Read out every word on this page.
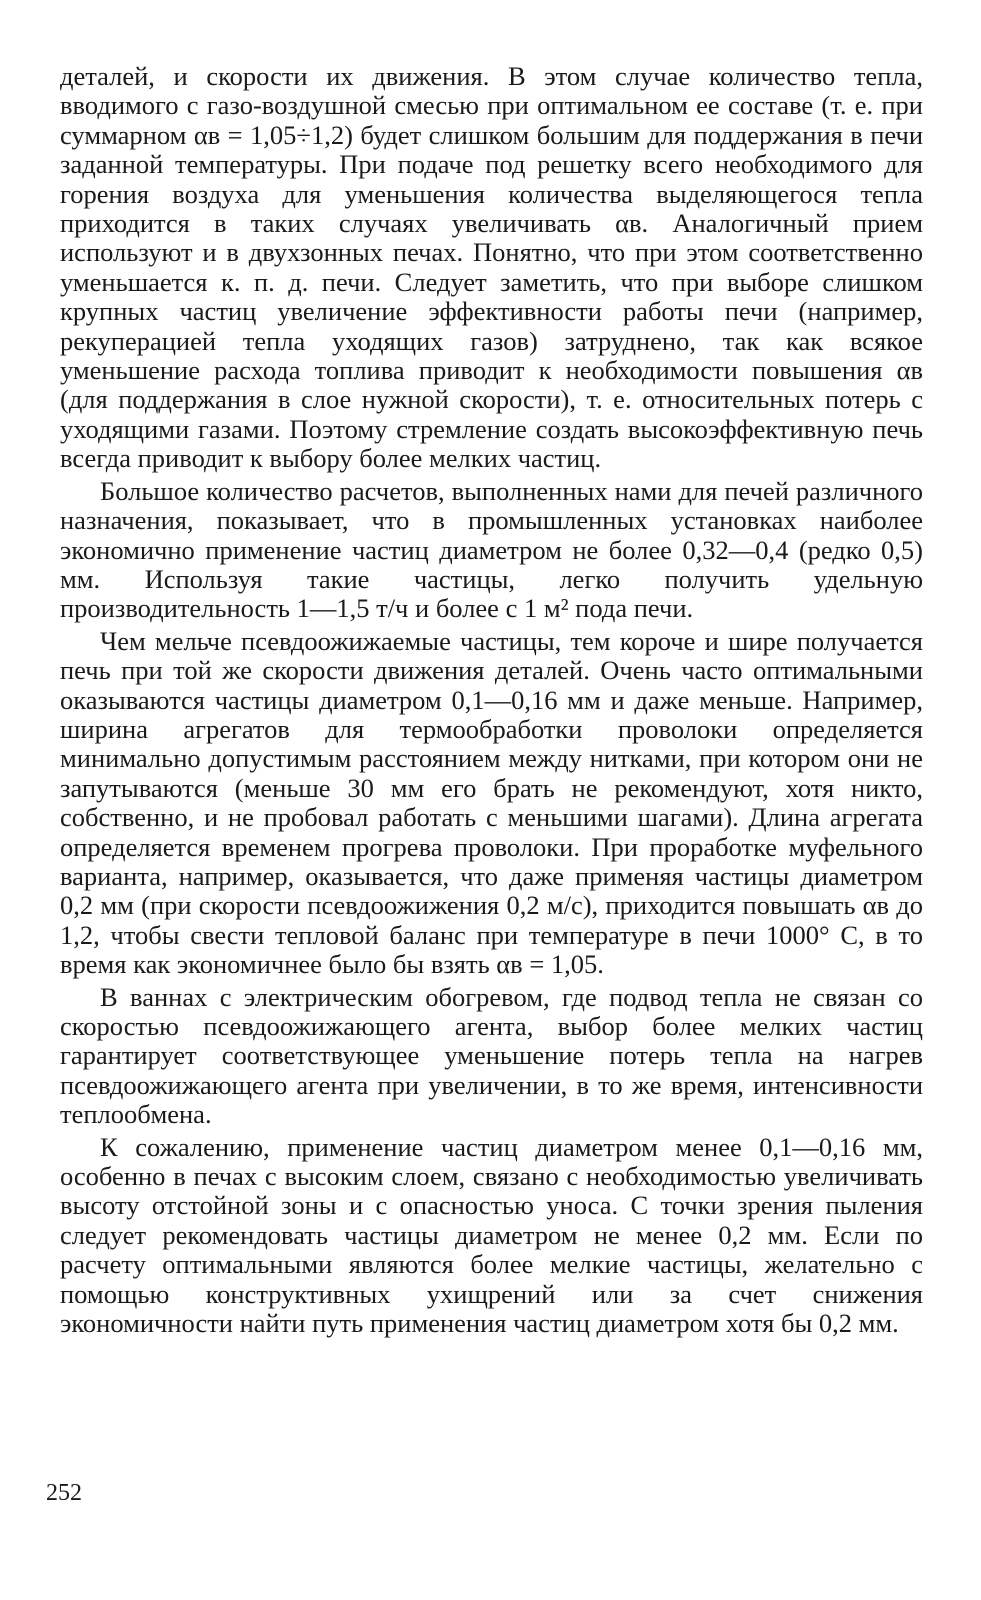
деталей, и скорости их движения. В этом случае количество тепла, вводимого с газо-воздушной смесью при оптимальном ее составе (т. е. при суммарном αв = 1,05÷1,2) будет слишком большим для поддержания в печи заданной температуры. При подаче под решетку всего необходимого для горения воздуха для уменьшения количества выделяющегося тепла приходится в таких случаях увеличивать αв. Аналогичный прием используют и в двухзонных печах. Понятно, что при этом соответственно уменьшается к. п. д. печи. Следует заметить, что при выборе слишком крупных частиц увеличение эффективности работы печи (например, рекуперацией тепла уходящих газов) затруднено, так как всякое уменьшение расхода топлива приводит к необходимости повышения αв (для поддержания в слое нужной скорости), т. е. относительных потерь с уходящими газами. Поэтому стремление создать высокоэффективную печь всегда приводит к выбору более мелких частиц.

Большое количество расчетов, выполненных нами для печей различного назначения, показывает, что в промышленных установках наиболее экономично применение частиц диаметром не более 0,32—0,4 (редко 0,5) мм. Используя такие частицы, легко получить удельную производительность 1—1,5 т/ч и более с 1 м² пода печи.

Чем мельче псевдоожижаемые частицы, тем короче и шире получается печь при той же скорости движения деталей. Очень часто оптимальными оказываются частицы диаметром 0,1—0,16 мм и даже меньше. Например, ширина агрегатов для термообработки проволоки определяется минимально допустимым расстоянием между нитками, при котором они не запутываются (меньше 30 мм его брать не рекомендуют, хотя никто, собственно, и не пробовал работать с меньшими шагами). Длина агрегата определяется временем прогрева проволоки. При проработке муфельного варианта, например, оказывается, что даже применяя частицы диаметром 0,2 мм (при скорости псевдоожижения 0,2 м/с), приходится повышать αв до 1,2, чтобы свести тепловой баланс при температуре в печи 1000° С, в то время как экономичнее было бы взять αв = 1,05.

В ваннах с электрическим обогревом, где подвод тепла не связан со скоростью псевдоожижающего агента, выбор более мелких частиц гарантирует соответствующее уменьшение потерь тепла на нагрев псевдоожижающего агента при увеличении, в то же время, интенсивности теплообмена.

К сожалению, применение частиц диаметром менее 0,1—0,16 мм, особенно в печах с высоким слоем, связано с необходимостью увеличивать высоту отстойной зоны и с опасностью уноса. С точки зрения пыления следует рекомендовать частицы диаметром не менее 0,2 мм. Если по расчету оптимальными являются более мелкие частицы, желательно с помощью конструктивных ухищрений или за счет снижения экономичности найти путь применения частиц диаметром хотя бы 0,2 мм.

252
